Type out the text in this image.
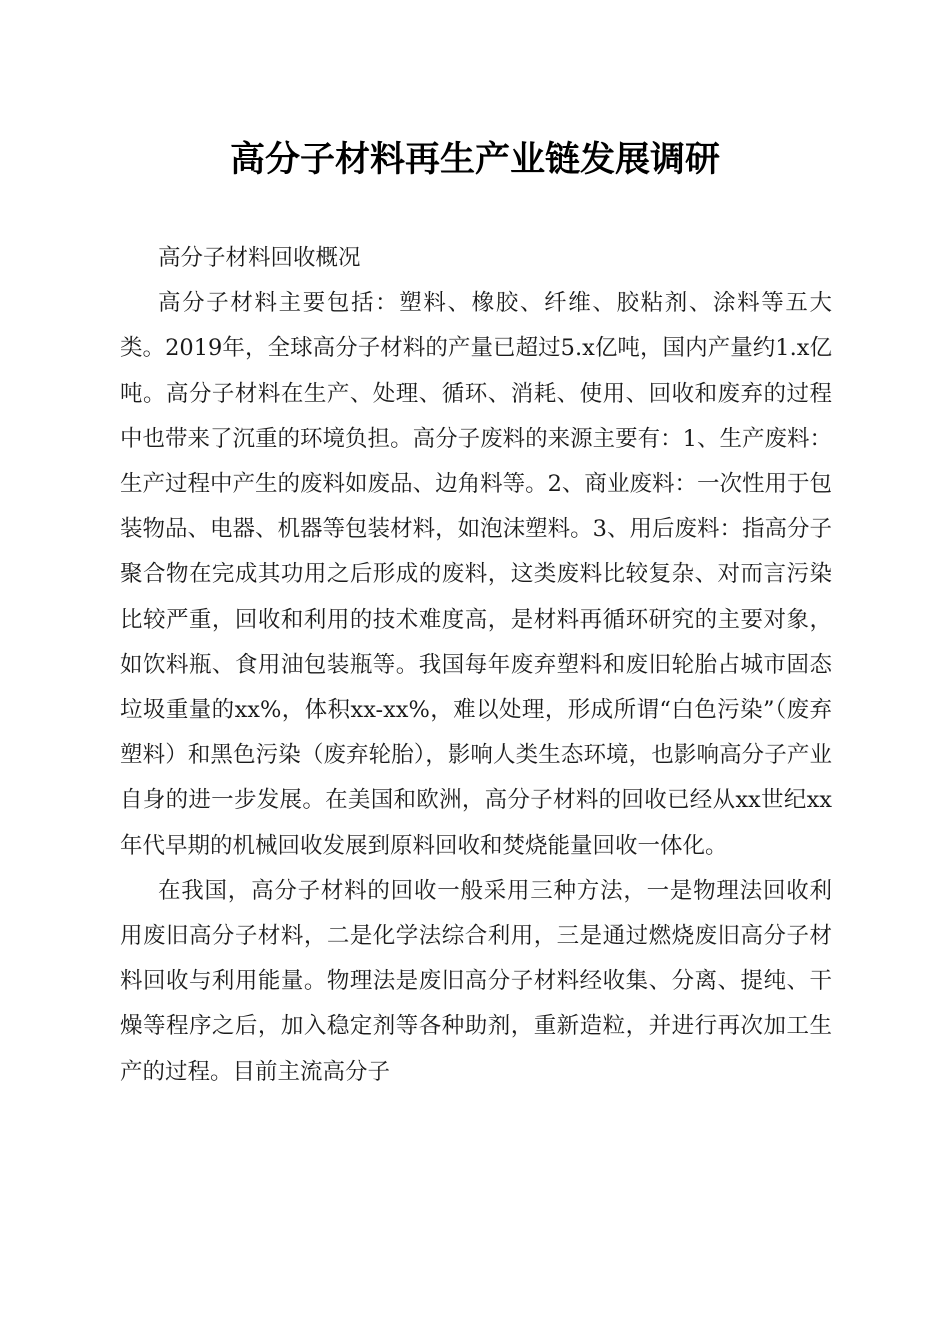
高分子材料再生产业链发展调研

高分子材料回收概况

高分子材料主要包括：塑料、橡胶、纤维、胶粘剂、涂料等五大类。2019年，全球高分子材料的产量已超过5.x亿吨，国内产量约1.x亿吨。高分子材料在生产、处理、循环、消耗、使用、回收和废弃的过程中也带来了沉重的环境负担。高分子废料的来源主要有：1、生产废料：生产过程中产生的废料如废品、边角料等。2、商业废料：一次性用于包装物品、电器、机器等包装材料，如泡沫塑料。3、用后废料：指高分子聚合物在完成其功用之后形成的废料，这类废料比较复杂、对而言污染比较严重，回收和利用的技术难度高，是材料再循环研究的主要对象，如饮料瓶、食用油包装瓶等。我国每年废弃塑料和废旧轮胎占城市固态垃圾重量的xx%，体积xx-xx%，难以处理，形成所谓“白色污染”（废弃塑料）和黑色污染（废弃轮胎），影响人类生态环境，也影响高分子产业自身的进一步发展。在美国和欧洲，高分子材料的回收已经从xx世纪xx年代早期的机械回收发展到原料回收和焚烧能量回收一体化。

在我国，高分子材料的回收一般采用三种方法，一是物理法回收利用废旧高分子材料，二是化学法综合利用，三是通过燃烧废旧高分子材料回收与利用能量。物理法是废旧高分子材料经收集、分离、提纯、干燥等程序之后，加入稳定剂等各种助剂，重新造粒，并进行再次加工生产的过程。目前主流高分子
